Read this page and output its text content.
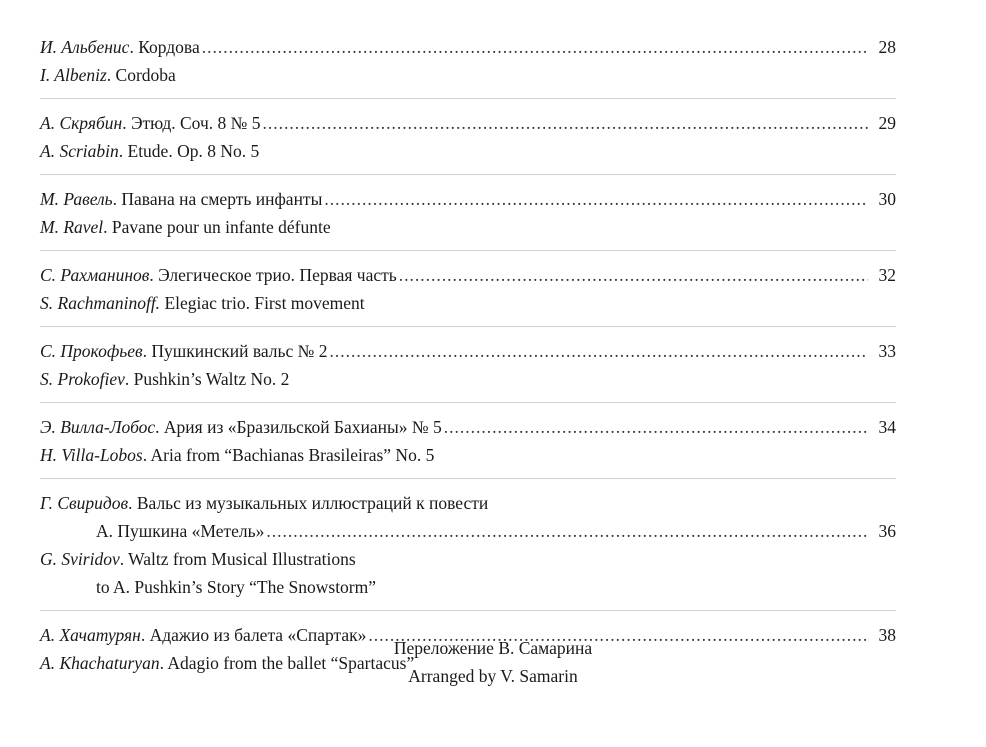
И. Альбенис. Кордова .....	28
I. Albeniz. Cordoba
А. Скрябин. Этюд. Соч. 8 № 5 .....	29
A. Scriabin. Etude. Op. 8 No. 5
М. Равель. Павана на смерть инфанты .....	30
M. Ravel. Pavane pour un infante défunte
С. Рахманинов. Элегическое трио. Первая часть .....	32
S. Rachmaninoff. Elegiac trio. First movement
С. Прокофьев. Пушкинский вальс № 2 .....	33
S. Prokofiev. Pushkin’s Waltz No. 2
Э. Вилла-Лобос. Ария из «Бразильской Бахианы» № 5 .....	34
H. Villa-Lobos. Aria from “Bachianas Brasileiras” No. 5
Г. Свиридов. Вальс из музыкальных иллюстраций к повести
А. Пушкина «Метель» .....	36
G. Sviridov. Waltz from Musical Illustrations
to A. Pushkin’s Story “The Snowstorm”
А. Хачатурян. Адажио из балета «Спартак» .....	38
A. Khachaturyan. Adagio from the ballet “Spartacus”
Переложение В. Самарина
Arranged by V. Samarin
